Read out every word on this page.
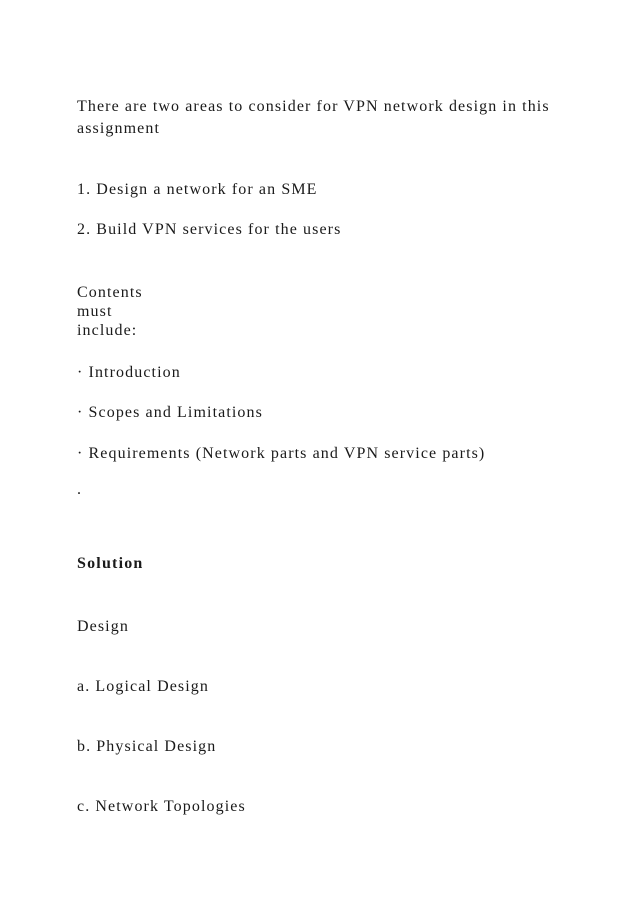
There are two areas to consider for VPN network design in this
assignment
1. Design a network for an SME
2. Build VPN services for the users
Contents
must
include:
· Introduction
· Scopes and Limitations
· Requirements (Network parts and VPN service parts)
.
Solution
Design
a. Logical Design
b. Physical Design
c. Network Topologies
